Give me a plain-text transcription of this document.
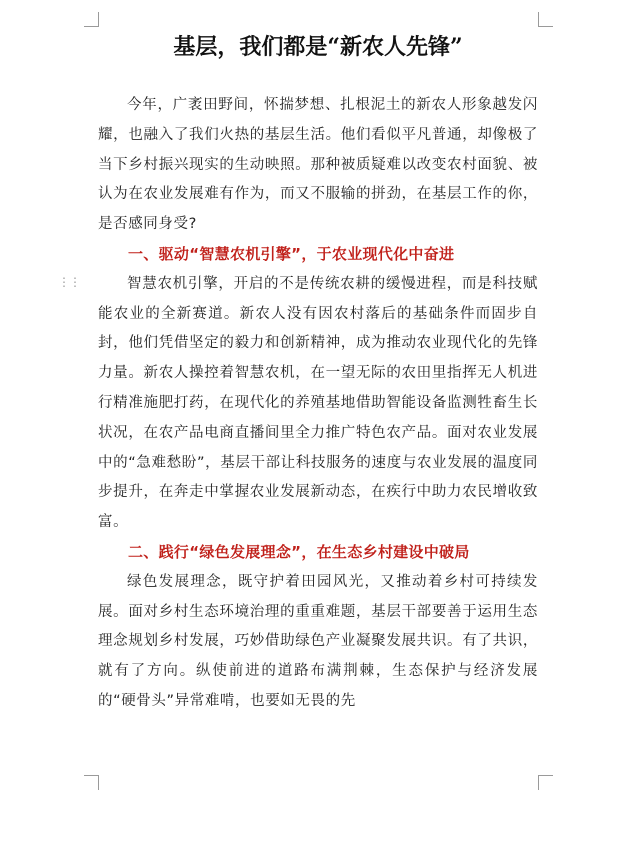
⋮⋮
基层，我们都是“新农人先锋”

今年，广袤田野间，怀揣梦想、扎根泥土的新农人形象越发闪耀，也融入了我们火热的基层生活。他们看似平凡普通，却像极了当下乡村振兴现实的生动映照。那种被质疑难以改变农村面貌、被认为在农业发展难有作为，而又不服输的拼劲，在基层工作的你，是否感同身受?

一、驱动“智慧农机引擎”，于农业现代化中奋进

智慧农机引擎，开启的不是传统农耕的缓慢进程，而是科技赋能农业的全新赛道。新农人没有因农村落后的基础条件而固步自封，他们凭借坚定的毅力和创新精神，成为推动农业现代化的先锋力量。新农人操控着智慧农机，在一望无际的农田里指挥无人机进行精准施肥打药，在现代化的养殖基地借助智能设备监测牲畜生长状况，在农产品电商直播间里全力推广特色农产品。面对农业发展中的“急难愁盼”，基层干部让科技服务的速度与农业发展的温度同步提升，在奔走中掌握农业发展新动态，在疾行中助力农民增收致富。

二、践行“绿色发展理念”，在生态乡村建设中破局

绿色发展理念，既守护着田园风光，又推动着乡村可持续发展。面对乡村生态环境治理的重重难题，基层干部要善于运用生态理念规划乡村发展，巧妙借助绿色产业凝聚发展共识。有了共识，就有了方向。纵使前进的道路布满荆棘，生态保护与经济发展的“硬骨头”异常难啃，也要如无畏的先
